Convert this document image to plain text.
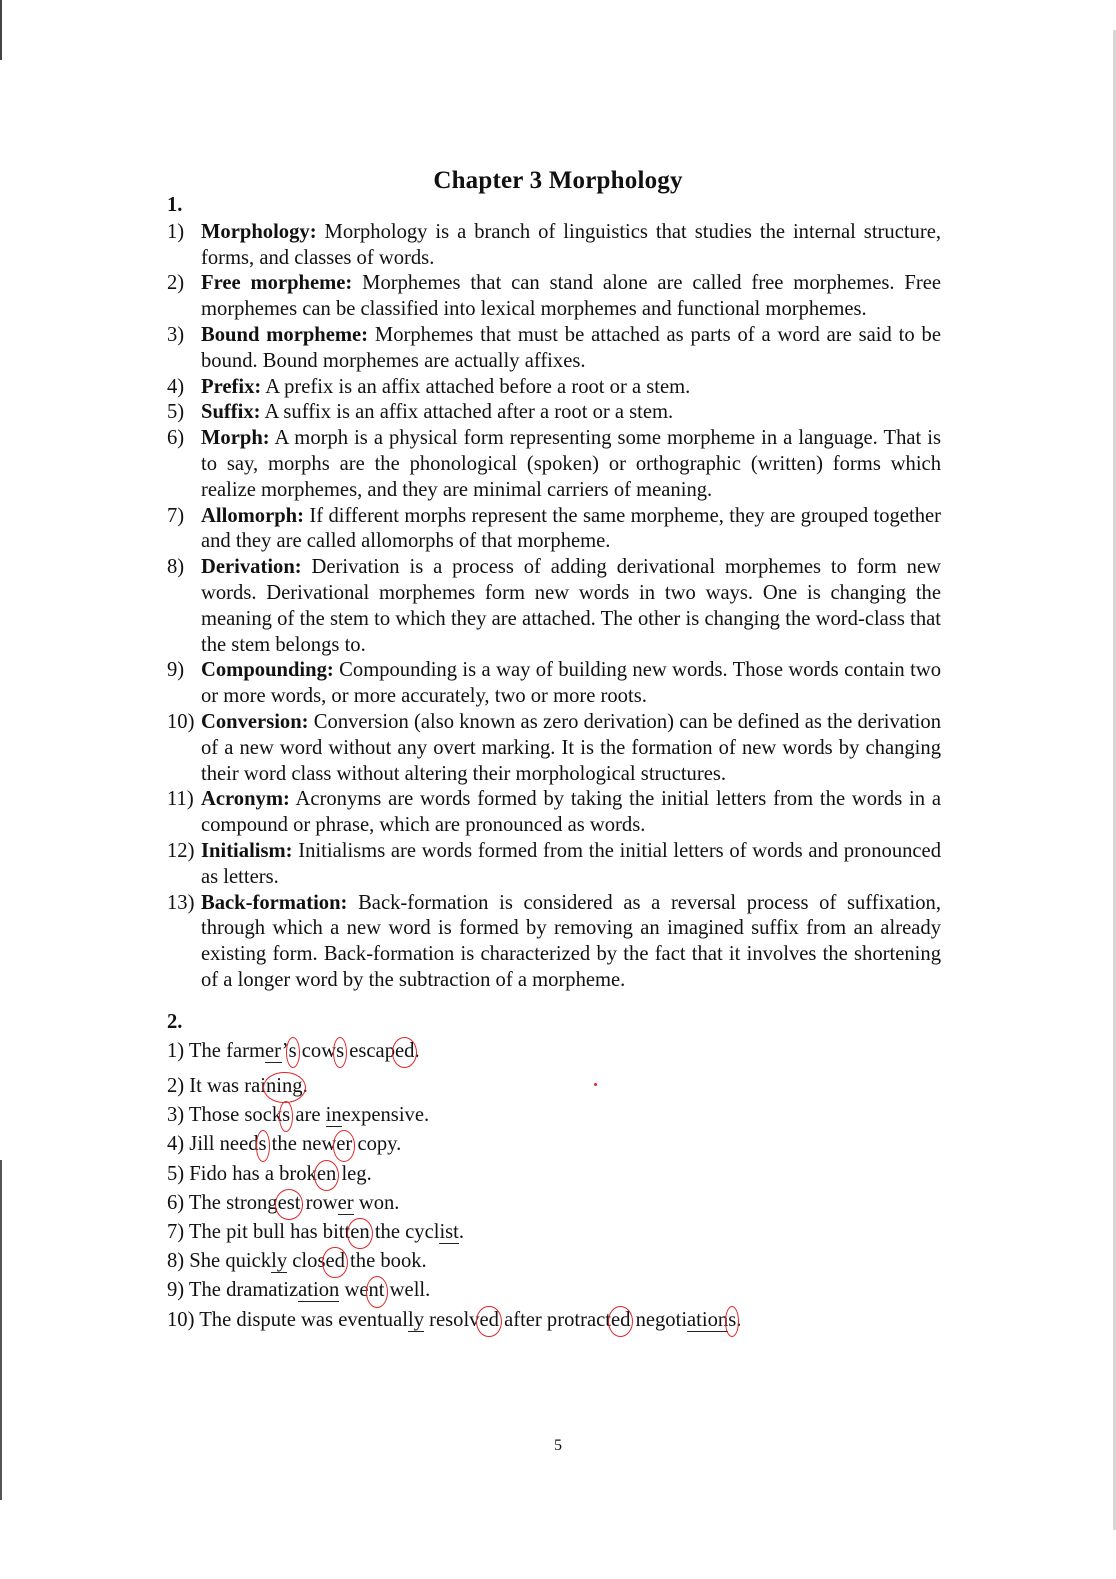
Chapter 3 Morphology
1.
1) Morphology: Morphology is a branch of linguistics that studies the internal structure, forms, and classes of words.
2) Free morpheme: Morphemes that can stand alone are called free morphemes. Free morphemes can be classified into lexical morphemes and functional morphemes.
3) Bound morpheme: Morphemes that must be attached as parts of a word are said to be bound. Bound morphemes are actually affixes.
4) Prefix: A prefix is an affix attached before a root or a stem.
5) Suffix: A suffix is an affix attached after a root or a stem.
6) Morph: A morph is a physical form representing some morpheme in a language. That is to say, morphs are the phonological (spoken) or orthographic (written) forms which realize morphemes, and they are minimal carriers of meaning.
7) Allomorph: If different morphs represent the same morpheme, they are grouped together and they are called allomorphs of that morpheme.
8) Derivation: Derivation is a process of adding derivational morphemes to form new words. Derivational morphemes form new words in two ways. One is changing the meaning of the stem to which they are attached. The other is changing the word-class that the stem belongs to.
9) Compounding: Compounding is a way of building new words. Those words contain two or more words, or more accurately, two or more roots.
10) Conversion: Conversion (also known as zero derivation) can be defined as the derivation of a new word without any overt marking. It is the formation of new words by changing their word class without altering their morphological structures.
11) Acronym: Acronyms are words formed by taking the initial letters from the words in a compound or phrase, which are pronounced as words.
12) Initialism: Initialisms are words formed from the initial letters of words and pronounced as letters.
13) Back-formation: Back-formation is considered as a reversal process of suffixation, through which a new word is formed by removing an imagined suffix from an already existing form. Back-formation is characterized by the fact that it involves the shortening of a longer word by the subtraction of a morpheme.
2.
1) The farmer’s cows escaped.
2) It was raining.
3) Those socks are inexpensive.
4) Jill needs the newer copy.
5) Fido has a broken leg.
6) The strongest rower won.
7) The pit bull has bitten the cyclist.
8) She quickly closed the book.
9) The dramatization went well.
10) The dispute was eventually resolved after protracted negotiations.
5
